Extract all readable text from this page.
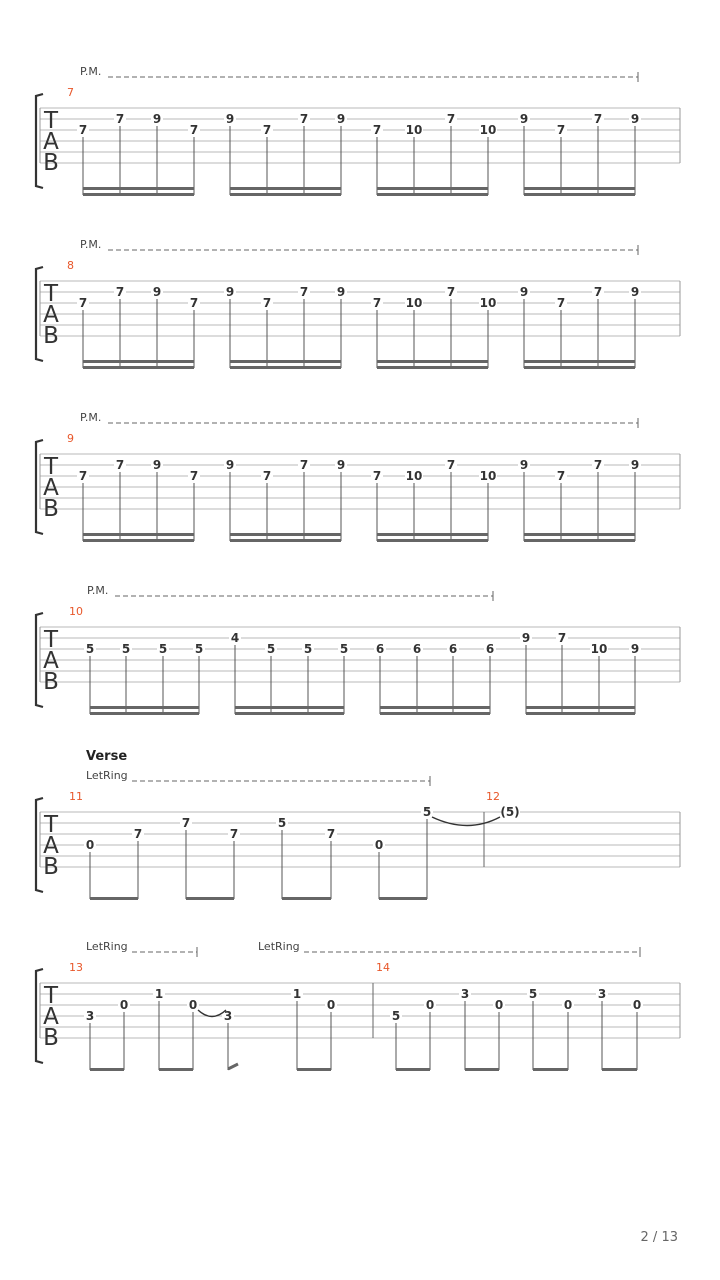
T
A
B
P.M.
7
7
7 9
7
9
7
7 9
7 10
7
10
9
7
7 9
T
A
B
P.M.
8
7
7 9
7
9
7
7 9
7 10
7
10
9
7
7 9
T
A
B
P.M.
9
7
7 9
7
9
7
7 9
7 10
7
10
9
7
7 9
T
A
B
P.M.
10
5 5 5 5
4
5 5 5 6 6 6 6
9 7
10 9
T
A
B
Verse
LetRing
11
0
7
7
7
5
7
0
5
12
(5)
T
A
B
LetRing	LetRing
13
3
0
1
0
3
1
0
14
5
0
3
0
5
0
3
0
2 / 13
